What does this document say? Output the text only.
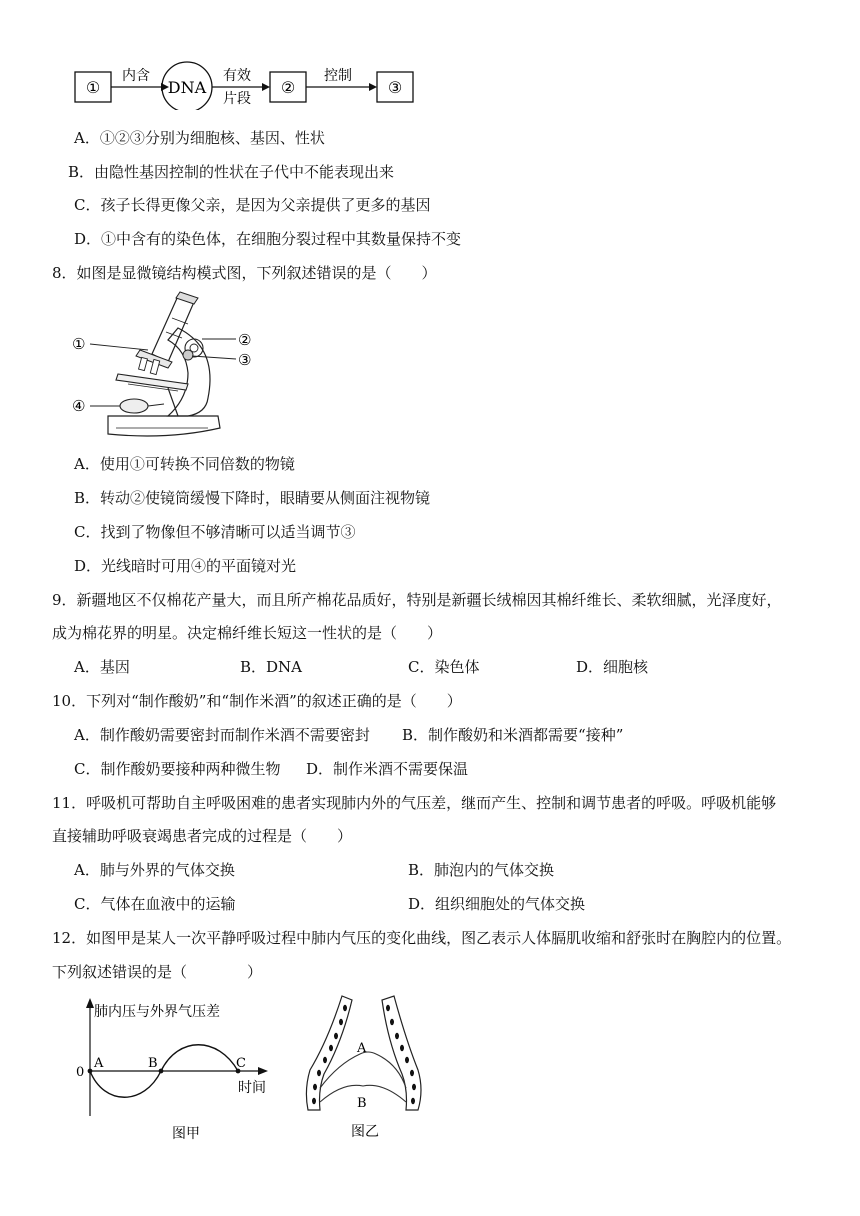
①
内含
DNA
有效
片段
②
控制
③
A．①②③分别为细胞核、基因、性状
B．由隐性基因控制的性状在子代中不能表现出来
C．孩子长得更像父亲，是因为父亲提供了更多的基因
D．①中含有的染色体，在细胞分裂过程中其数量保持不变
8．如图是显微镜结构模式图，下列叙述错误的是（　　）
①	②
③
④
A．使用①可转换不同倍数的物镜
B．转动②使镜筒缓慢下降时，眼睛要从侧面注视物镜
C．找到了物像但不够清晰可以适当调节③
D．光线暗时可用④的平面镜对光
9．新疆地区不仅棉花产量大，而且所产棉花品质好，特别是新疆长绒棉因其棉纤维长、柔软细腻，光泽度好，
成为棉花界的明星。决定棉纤维长短这一性状的是（　　）
A．基因	B．DNA	C．染色体	D．细胞核
10．下列对“制作酸奶”和“制作米酒”的叙述正确的是（　　）
A．制作酸奶需要密封而制作米酒不需要密封 B．制作酸奶和米酒都需要“接种”
C．制作酸奶要接种两种微生物 D．制作米酒不需要保温
11．呼吸机可帮助自主呼吸困难的患者实现肺内外的气压差，继而产生、控制和调节患者的呼吸。呼吸机能够
直接辅助呼吸衰竭患者完成的过程是（　　）
A．肺与外界的气体交换	B．肺泡内的气体交换
C．气体在血液中的运输	D．组织细胞处的气体交换
12．如图甲是某人一次平静呼吸过程中肺内气压的变化曲线，图乙表示人体膈肌收缩和舒张时在胸腔内的位置。
下列叙述错误的是（　　　　）
肺内压与外界气压差
0
A	B	C
时间
图甲
A
B
图乙
